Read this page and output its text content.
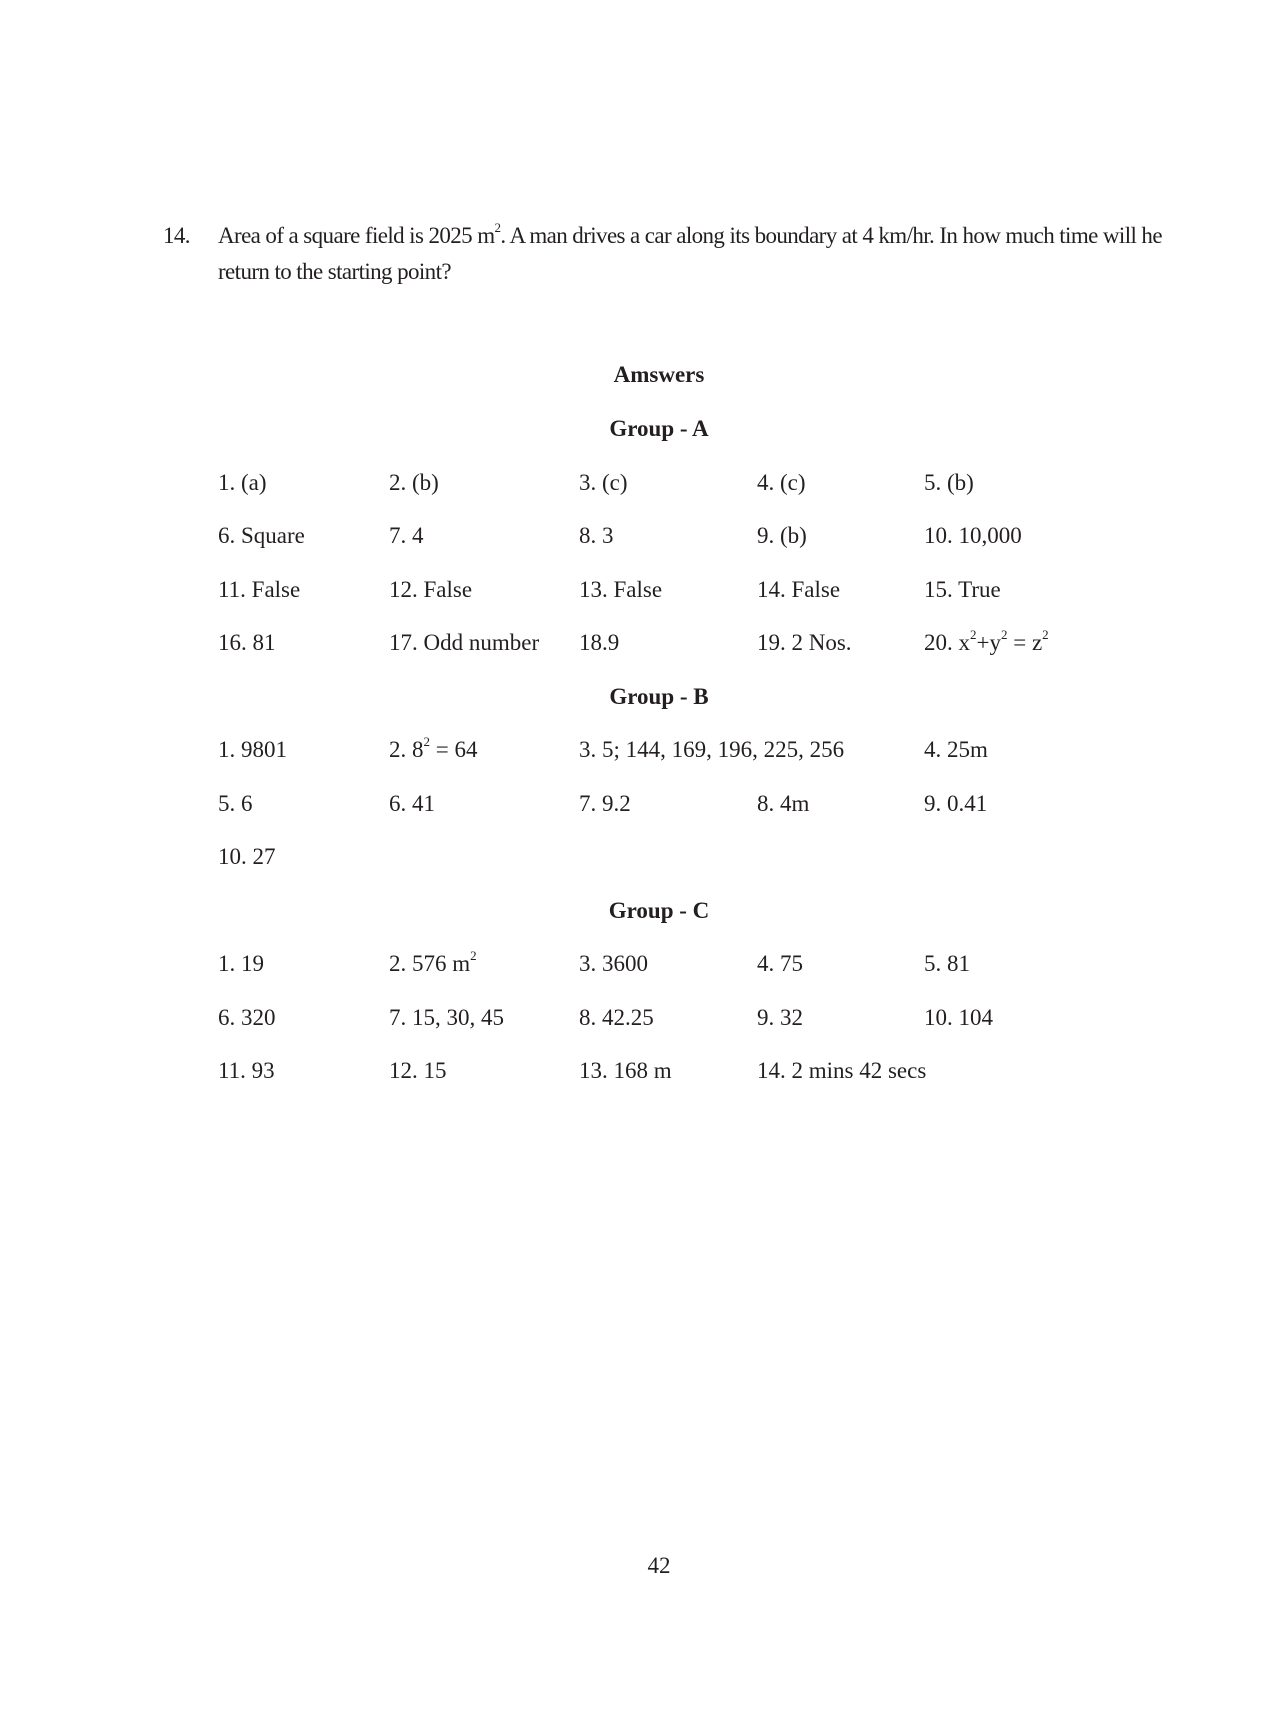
14.	Area of a square field is 2025 $m^2$. A man drives a car along its boundary at 4 km/hr. In how much time will he return to the starting point?
Amswers
Group - A
1. (a)	2. (b)	3. (c)	4. (c)	5. (b)
6. Square	7. 4	8. 3	9. (b)	10. 10,000
11. False	12. False	13. False	14. False	15. True
16. 81	17. Odd number 18.9	19. 2 Nos.	20. $x^2+y^2 = z^2$
Group - B
1. 9801	2. $8^2 = 64$	3. 5; 144, 169, 196, 225, 256	4. 25m
5. 6	6. 41	7. 9.2	8. 4m	9. 0.41
10. 27
Group - C
1. 19	2. 576 $m^2$	3. 3600	4. 75	5. 81
6. 320	7. 15, 30, 45	8. 42.25	9. 32	10. 104
11. 93	12. 15	13. 168 m	14. 2 mins 42 secs
42
